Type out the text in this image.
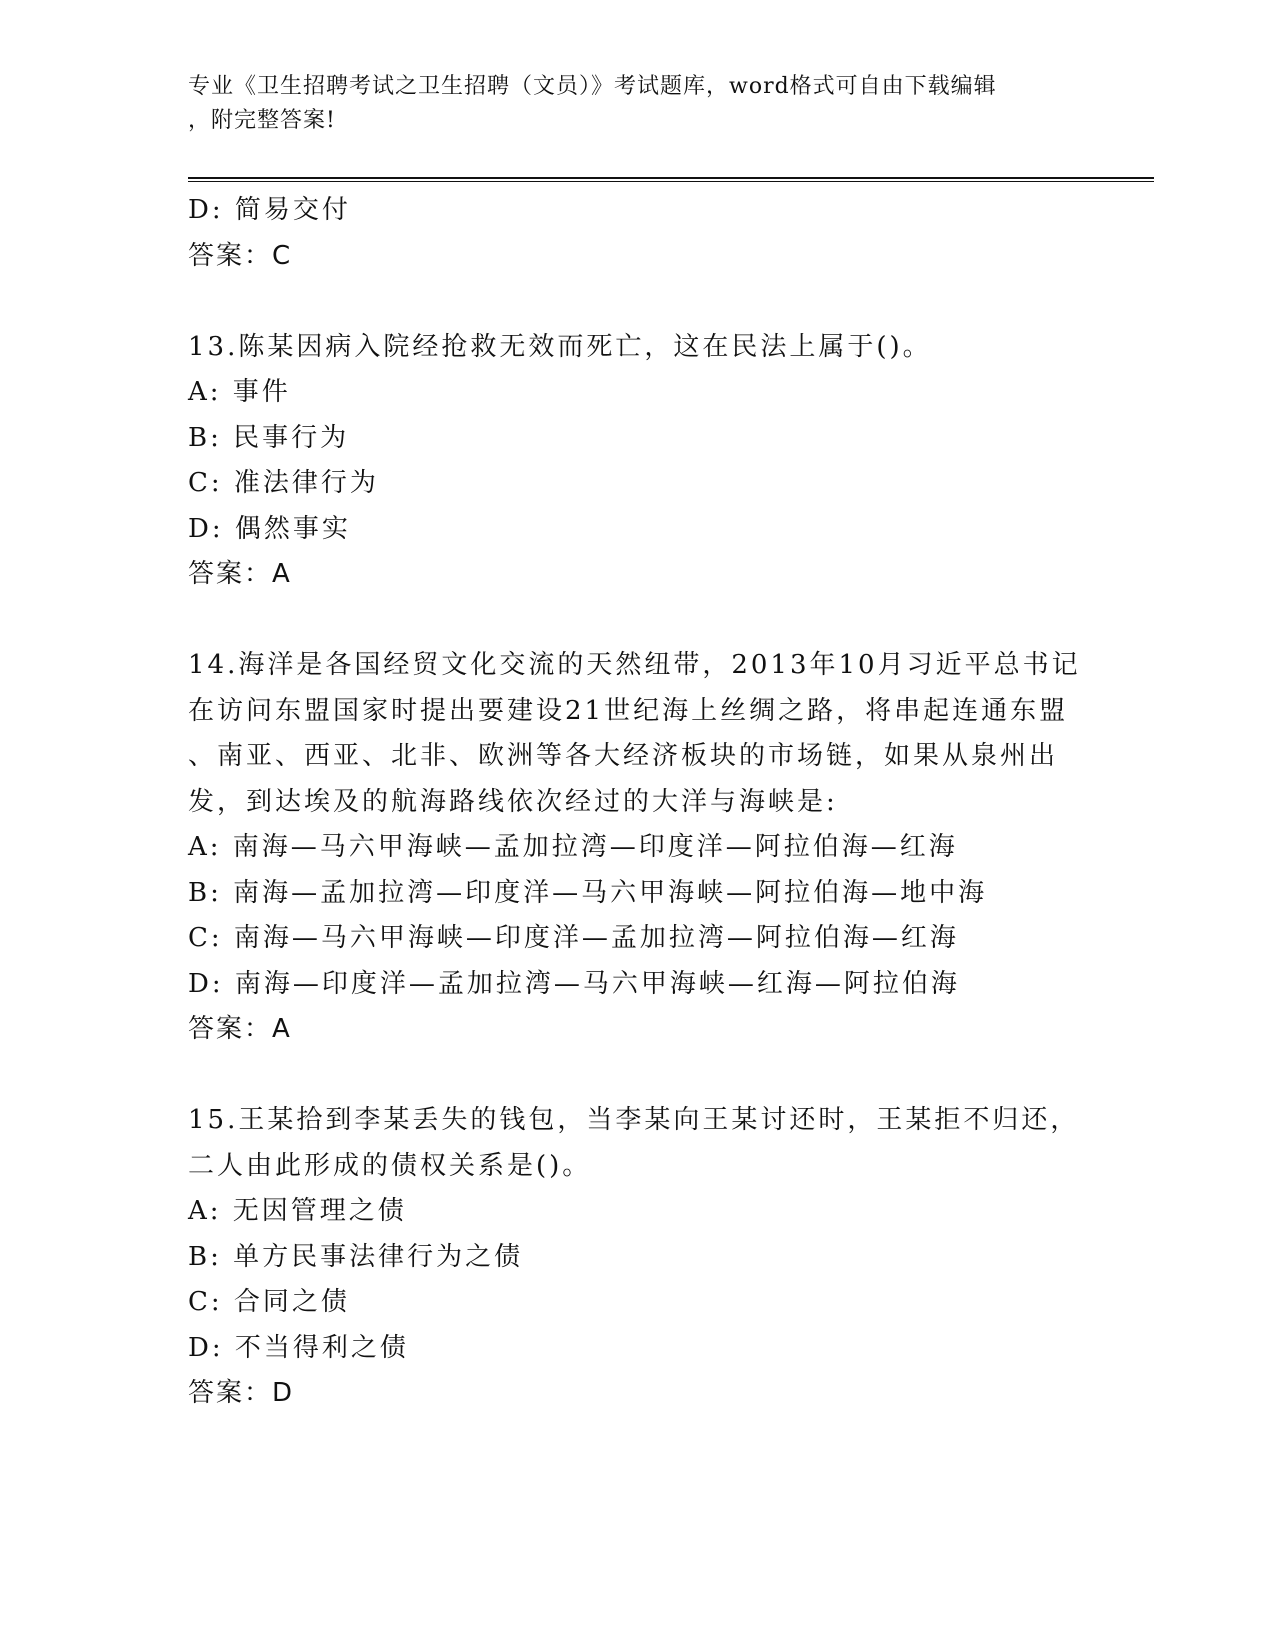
专业《卫生招聘考试之卫生招聘（文员）》考试题库，word格式可自由下载编辑
，附完整答案!
D: 简易交付
答案：C
13.陈某因病入院经抢救无效而死亡，这在民法上属于()。
A: 事件
B: 民事行为
C: 准法律行为
D: 偶然事实
答案：A
14.海洋是各国经贸文化交流的天然纽带，2013年10月习近平总书记
在访问东盟国家时提出要建设21世纪海上丝绸之路，将串起连通东盟
、南亚、西亚、北非、欧洲等各大经济板块的市场链，如果从泉州出
发，到达埃及的航海路线依次经过的大洋与海峡是:
A: 南海—马六甲海峡—孟加拉湾—印度洋—阿拉伯海—红海
B: 南海—孟加拉湾—印度洋—马六甲海峡—阿拉伯海—地中海
C: 南海—马六甲海峡—印度洋—孟加拉湾—阿拉伯海—红海
D: 南海—印度洋—孟加拉湾—马六甲海峡—红海—阿拉伯海
答案：A
15.王某拾到李某丢失的钱包，当李某向王某讨还时，王某拒不归还，
二人由此形成的债权关系是()。
A: 无因管理之债
B: 单方民事法律行为之债
C: 合同之债
D: 不当得利之债
答案：D
